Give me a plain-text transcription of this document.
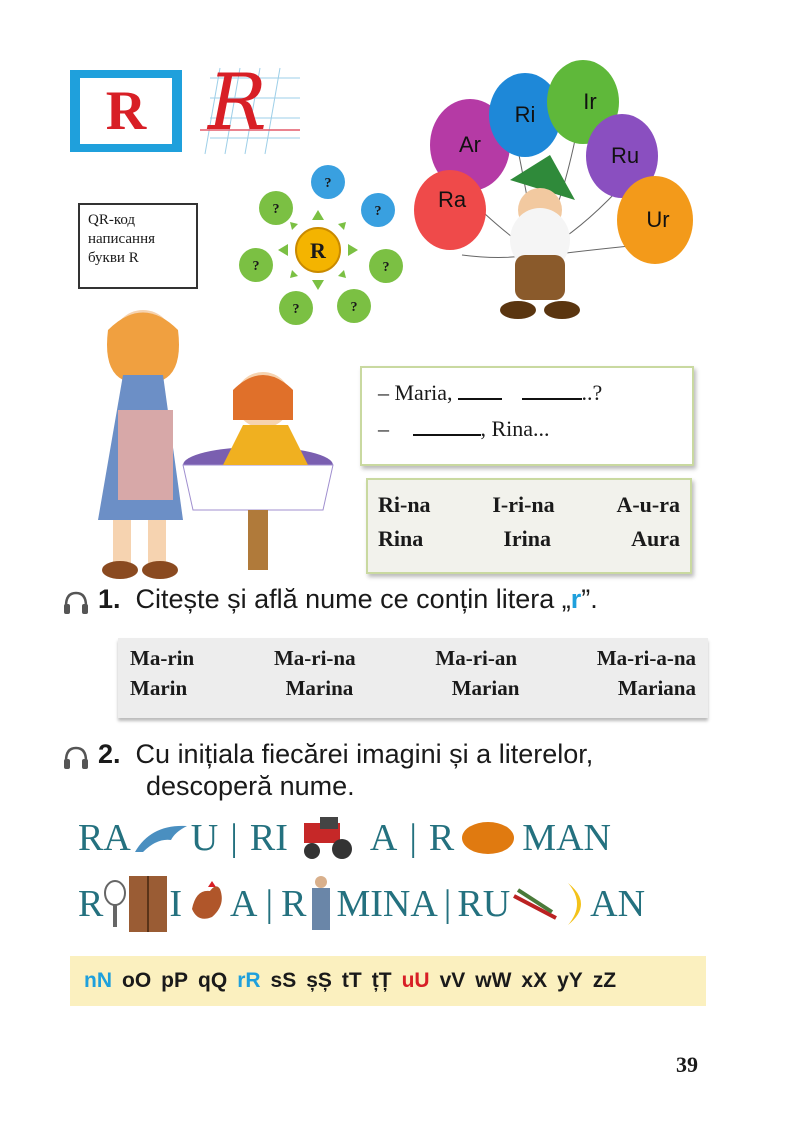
R R
QR-код
написання
букви R	R
?
?	?
?	?
?	?
?	Ar
Ri
Ir
Ra
Ru
Ur
– Maria,	..?
–	, Rina...
Ri-na	I-ri-na	A-u-ra
Rina	Irina	Aura
1. Citește și află nume ce conțin litera „r”.
Ma-rin	Ma-ri-na	Ma-ri-an	Ma-ri-a-na
Marin	Marina	Marian	Mariana
2. Cu inițiala fiecărei imagini și a literelor,
descoperă nume.
RA U | RI A | R MAN
R I A | R MINA | RU AN
nN oO pP qQ rR sS șȘ tT țȚ uU vV wW xX yY zZ
39
